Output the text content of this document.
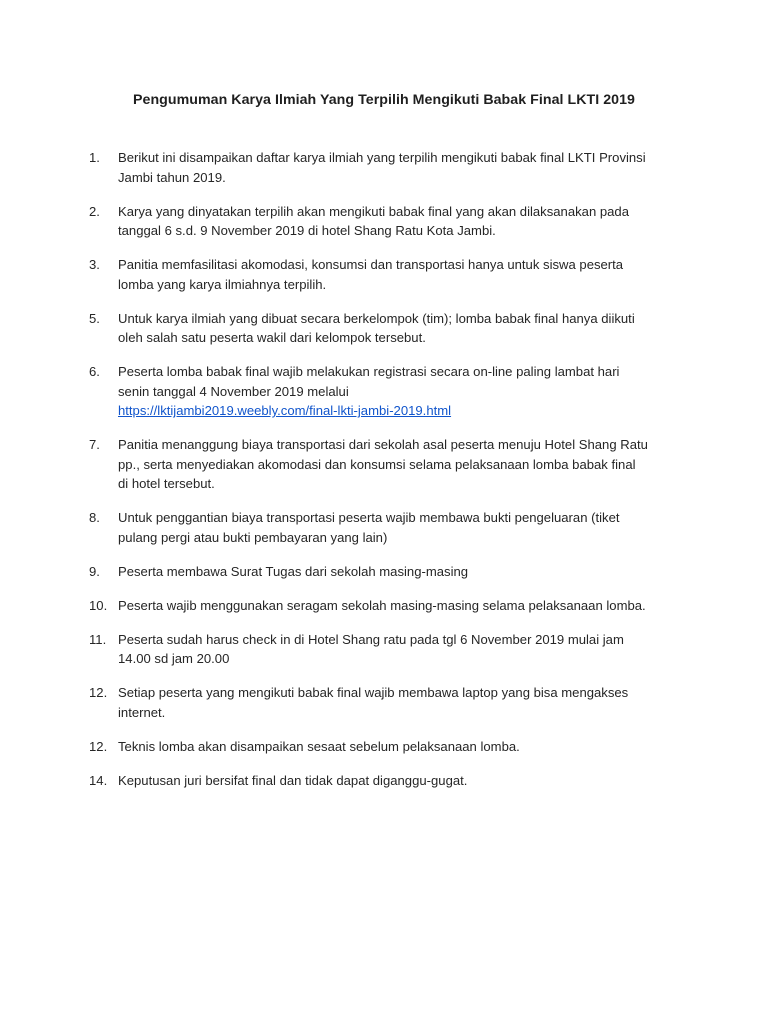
Pengumuman Karya Ilmiah Yang Terpilih Mengikuti Babak Final LKTI 2019
1.	Berikut ini disampaikan daftar karya ilmiah yang terpilih mengikuti babak final LKTI Provinsi
Jambi tahun 2019.
2.	Karya yang dinyatakan terpilih akan mengikuti babak final yang akan dilaksanakan pada
tanggal 6 s.d. 9 November 2019 di hotel Shang Ratu Kota Jambi.
3.	Panitia memfasilitasi akomodasi, konsumsi dan transportasi hanya untuk siswa peserta
lomba yang karya ilmiahnya terpilih.
5.	Untuk karya ilmiah yang dibuat secara berkelompok (tim); lomba babak final hanya diikuti
oleh salah satu peserta wakil dari kelompok tersebut.
6.	Peserta lomba babak final wajib melakukan registrasi secara on-line paling lambat hari
senin tanggal 4 November 2019 melalui
https://lktijambi2019.weebly.com/final-lkti-jambi-2019.html
7.	Panitia menanggung biaya transportasi dari sekolah asal peserta menuju Hotel Shang Ratu
pp., serta menyediakan akomodasi dan konsumsi selama pelaksanaan lomba babak final
di hotel tersebut.
8.	Untuk penggantian biaya transportasi peserta wajib membawa bukti pengeluaran (tiket
pulang pergi atau bukti pembayaran yang lain)
9.	Peserta membawa Surat Tugas dari sekolah masing-masing
10. Peserta wajib menggunakan seragam sekolah masing-masing selama pelaksanaan lomba.
11. Peserta sudah harus check in di Hotel Shang ratu pada tgl 6 November 2019 mulai jam
14.00 sd jam 20.00
12. Setiap peserta yang mengikuti babak final wajib membawa laptop yang bisa mengakses
internet.
12. Teknis lomba akan disampaikan sesaat sebelum pelaksanaan lomba.
14. Keputusan juri bersifat final dan tidak dapat diganggu-gugat.
